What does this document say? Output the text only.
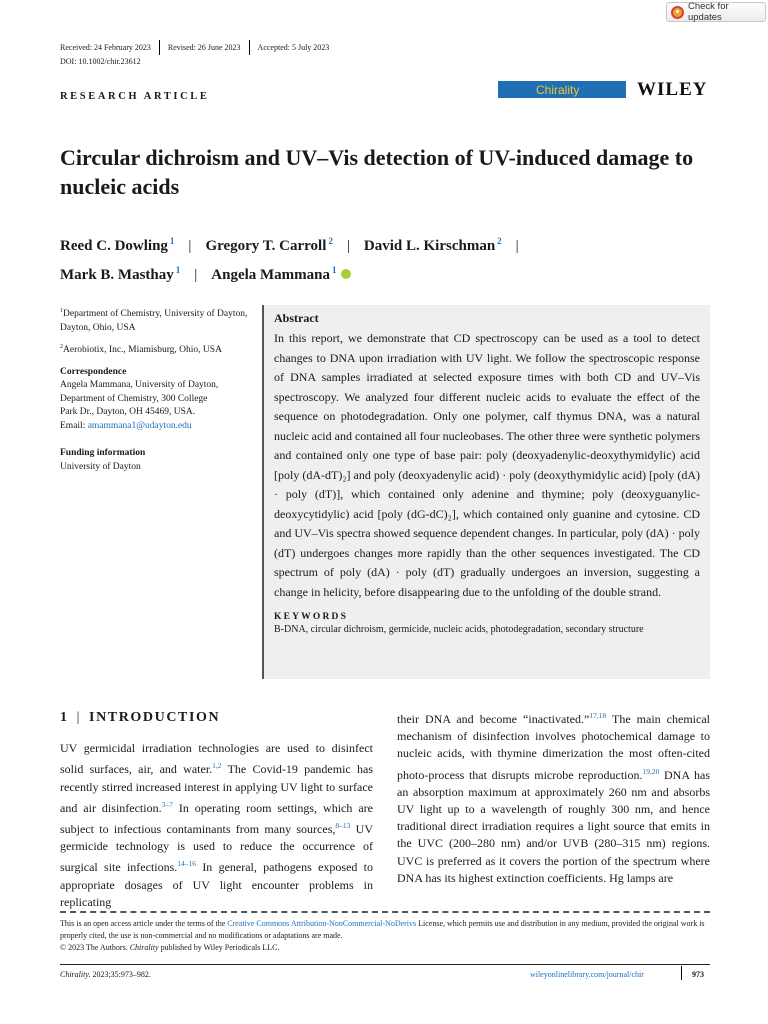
Check for updates
Received: 24 February 2023 Revised: 26 June 2023 Accepted: 5 July 2023
DOI: 10.1002/chir.23612
RESEARCH ARTICLE	Chirality	WILEY
Circular dichroism and UV–Vis detection of UV-induced damage to nucleic acids
Reed C. Dowling $^1$ | Gregory T. Carroll $^2$ | David L. Kirschman $^2$ |
Mark B. Masthay $^1$ | Angela Mammana $^1$

$^1$Department of Chemistry, University of Dayton, Dayton, Ohio, USA

$^2$Aerobiotix, Inc., Miamisburg, Ohio, USA

Correspondence
Angela Mammana, University of Dayton,
Department of Chemistry, 300 College
Park Dr., Dayton, OH 45469, USA.
Email: amammana1@udayton.edu
Funding information
University of Dayton
Abstract

In this report, we demonstrate that CD spectroscopy can be used as a tool to detect changes to DNA upon irradiation with UV light. We follow the spectroscopic response of DNA samples irradiated at selected exposure times with both CD and UV–Vis spectroscopy. We analyzed four different nucleic acids to evaluate the effect of the sequence on photodegradation. Only one polymer, calf thymus DNA, was a natural nucleic acid and contained all four nucleobases. The other three were synthetic polymers and contained only one type of base pair: poly (deoxyadenylic-deoxythymidylic) acid [poly (dA-dT)₂] and poly (deoxyadenylic acid) · poly (deoxythymidylic acid) [poly (dA) · poly (dT)], which contained only adenine and thymine; poly (deoxyguanylic-deoxycytidylic) acid [poly (dG-dC)₂], which contained only guanine and cytosine. CD and UV–Vis spectra showed sequence dependent changes. In particular, poly (dA) · poly (dT) undergoes changes more rapidly than the other sequences investigated. The CD spectrum of poly (dA) · poly (dT) gradually undergoes an inversion, suggesting a change in helicity, before disappearing due to the unfolding of the double strand.

KEYWORDS
B-DNA, circular dichroism, germicide, nucleic acids, photodegradation, secondary structure
1 | INTRODUCTION

UV germicidal irradiation technologies are used to disinfect solid surfaces, air, and water.$^{1,2}$ The Covid-19 pandemic has recently stirred increased interest in applying UV light to surface and air disinfection.$^{3-7}$ In operating room settings, which are subject to infectious contaminants from many sources,$^{8-13}$ UV germicide technology is used to reduce the occurrence of surgical site infections.$^{14-16}$ In general, pathogens exposed to appropriate dosages of UV light encounter problems in replicating

their DNA and become “inactivated.”$^{17,18}$ The main chemical mechanism of disinfection involves photochemical damage to nucleic acids, with thymine dimerization the most often-cited photo-process that disrupts microbe reproduction.$^{19,20}$ DNA has an absorption maximum at approximately 260 nm and absorbs UV light up to a wavelength of roughly 300 nm, and hence traditional direct irradiation requires a light source that emits in the UVC (200–280 nm) and/or UVB (280–315 nm) regions. UVC is preferred as it covers the portion of the spectrum where DNA has its highest extinction coefficients. Hg lamps are

This is an open access article under the terms of the Creative Commons Attribution-NonCommercial-NoDerivs License, which permits use and distribution in any medium, provided the original work is properly cited, the use is non-commercial and no modifications or adaptations are made.
© 2023 The Authors. Chirality published by Wiley Periodicals LLC.
Chirality. 2023;35:973–982.	wileyonlinelibrary.com/journal/chir	973
